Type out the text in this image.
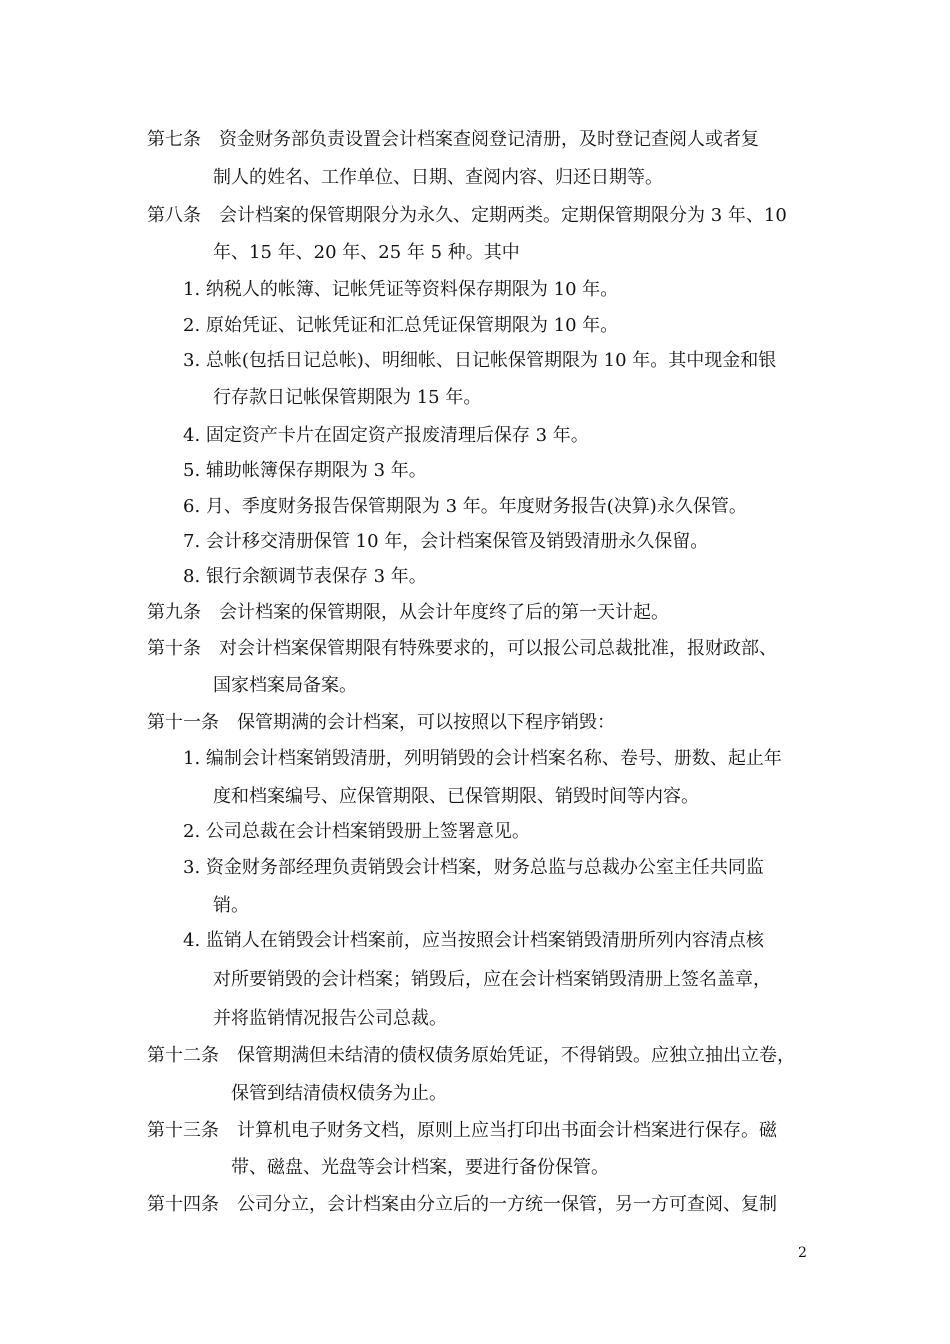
第七条　资金财务部负责设置会计档案查阅登记清册，及时登记查阅人或者复
制人的姓名、工作单位、日期、查阅内容、归还日期等。
第八条　会计档案的保管期限分为永久、定期两类。定期保管期限分为 3 年、10
年、15 年、20 年、25 年 5 种。其中
1. 纳税人的帐簿、记帐凭证等资料保存期限为 10 年。
2. 原始凭证、记帐凭证和汇总凭证保管期限为 10 年。
3. 总帐(包括日记总帐)、明细帐、日记帐保管期限为 10 年。其中现金和银
行存款日记帐保管期限为 15 年。
4. 固定资产卡片在固定资产报废清理后保存 3 年。
5. 辅助帐簿保存期限为 3 年。
6. 月、季度财务报告保管期限为 3 年。年度财务报告(决算)永久保管。
7. 会计移交清册保管 10 年，会计档案保管及销毁清册永久保留。
8. 银行余额调节表保存 3 年。
第九条　会计档案的保管期限，从会计年度终了后的第一天计起。
第十条　对会计档案保管期限有特殊要求的，可以报公司总裁批准，报财政部、
国家档案局备案。
第十一条　保管期满的会计档案，可以按照以下程序销毁：
1. 编制会计档案销毁清册，列明销毁的会计档案名称、卷号、册数、起止年
度和档案编号、应保管期限、已保管期限、销毁时间等内容。
2. 公司总裁在会计档案销毁册上签署意见。
3. 资金财务部经理负责销毁会计档案，财务总监与总裁办公室主任共同监
销。
4. 监销人在销毁会计档案前，应当按照会计档案销毁清册所列内容清点核
对所要销毁的会计档案；销毁后，应在会计档案销毁清册上签名盖章，
并将监销情况报告公司总裁。
第十二条　保管期满但未结清的债权债务原始凭证，不得销毁。应独立抽出立卷，
保管到结清债权债务为止。
第十三条　计算机电子财务文档，原则上应当打印出书面会计档案进行保存。磁
带、磁盘、光盘等会计档案，要进行备份保管。
第十四条　公司分立，会计档案由分立后的一方统一保管，另一方可查阅、复制
2
